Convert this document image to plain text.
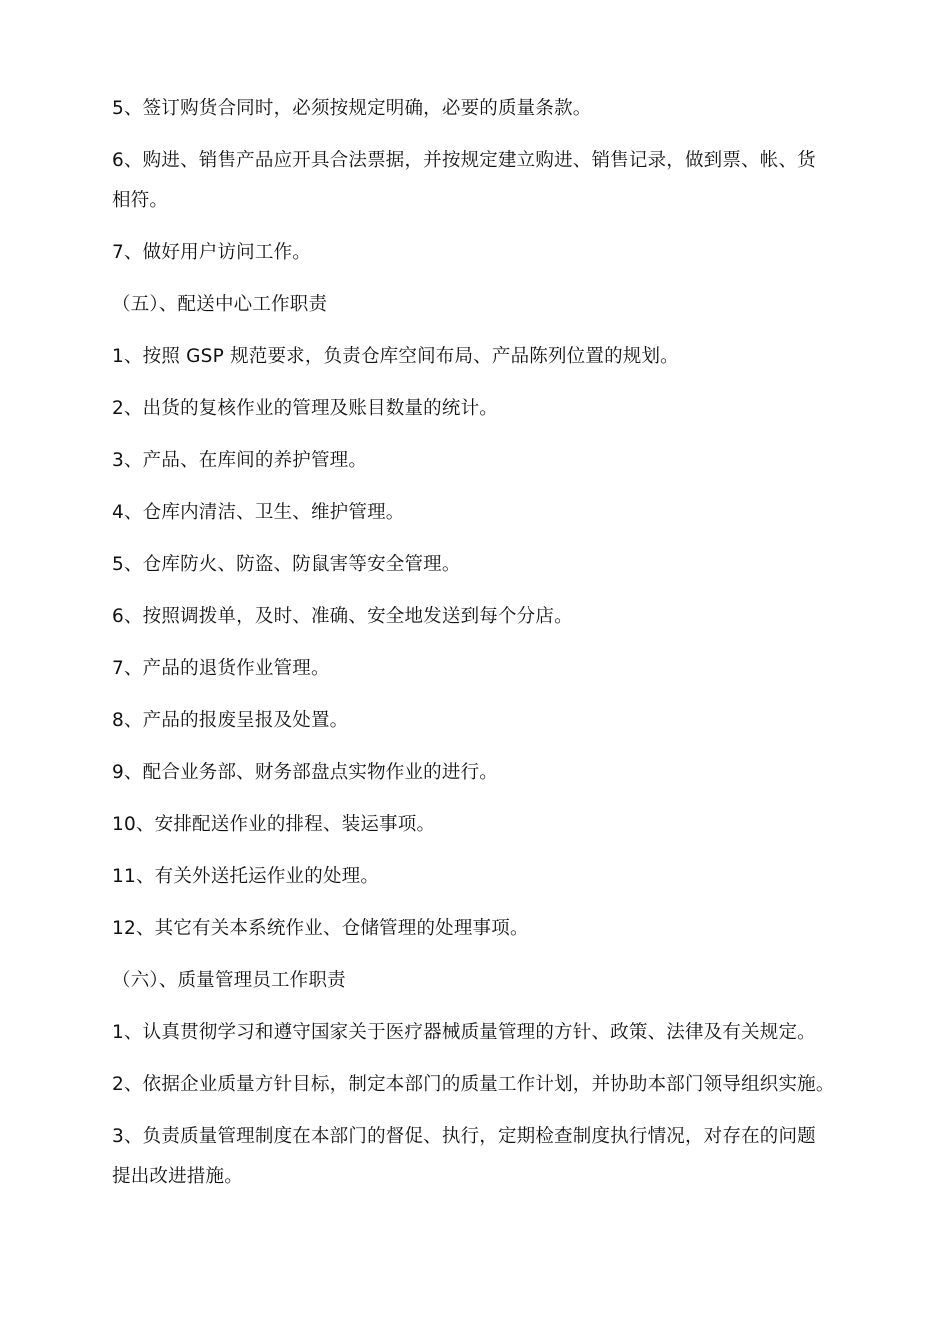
5、签订购货合同时，必须按规定明确，必要的质量条款。
6、购进、销售产品应开具合法票据，并按规定建立购进、销售记录，做到票、帐、货
相符。
7、做好用户访问工作。
（五）、配送中心工作职责
1、按照 GSP 规范要求，负责仓库空间布局、产品陈列位置的规划。
2、出货的复核作业的管理及账目数量的统计。
3、产品、在库间的养护管理。
4、仓库内清洁、卫生、维护管理。
5、仓库防火、防盗、防鼠害等安全管理。
6、按照调拨单，及时、准确、安全地发送到每个分店。
7、产品的退货作业管理。
8、产品的报废呈报及处置。
9、配合业务部、财务部盘点实物作业的进行。
10、安排配送作业的排程、装运事项。
11、有关外送托运作业的处理。
12、其它有关本系统作业、仓储管理的处理事项。
（六）、质量管理员工作职责
1、认真贯彻学习和遵守国家关于医疗器械质量管理的方针、政策、法律及有关规定。
2、依据企业质量方针目标，制定本部门的质量工作计划，并协助本部门领导组织实施。
3、负责质量管理制度在本部门的督促、执行，定期检查制度执行情况，对存在的问题
提出改进措施。
